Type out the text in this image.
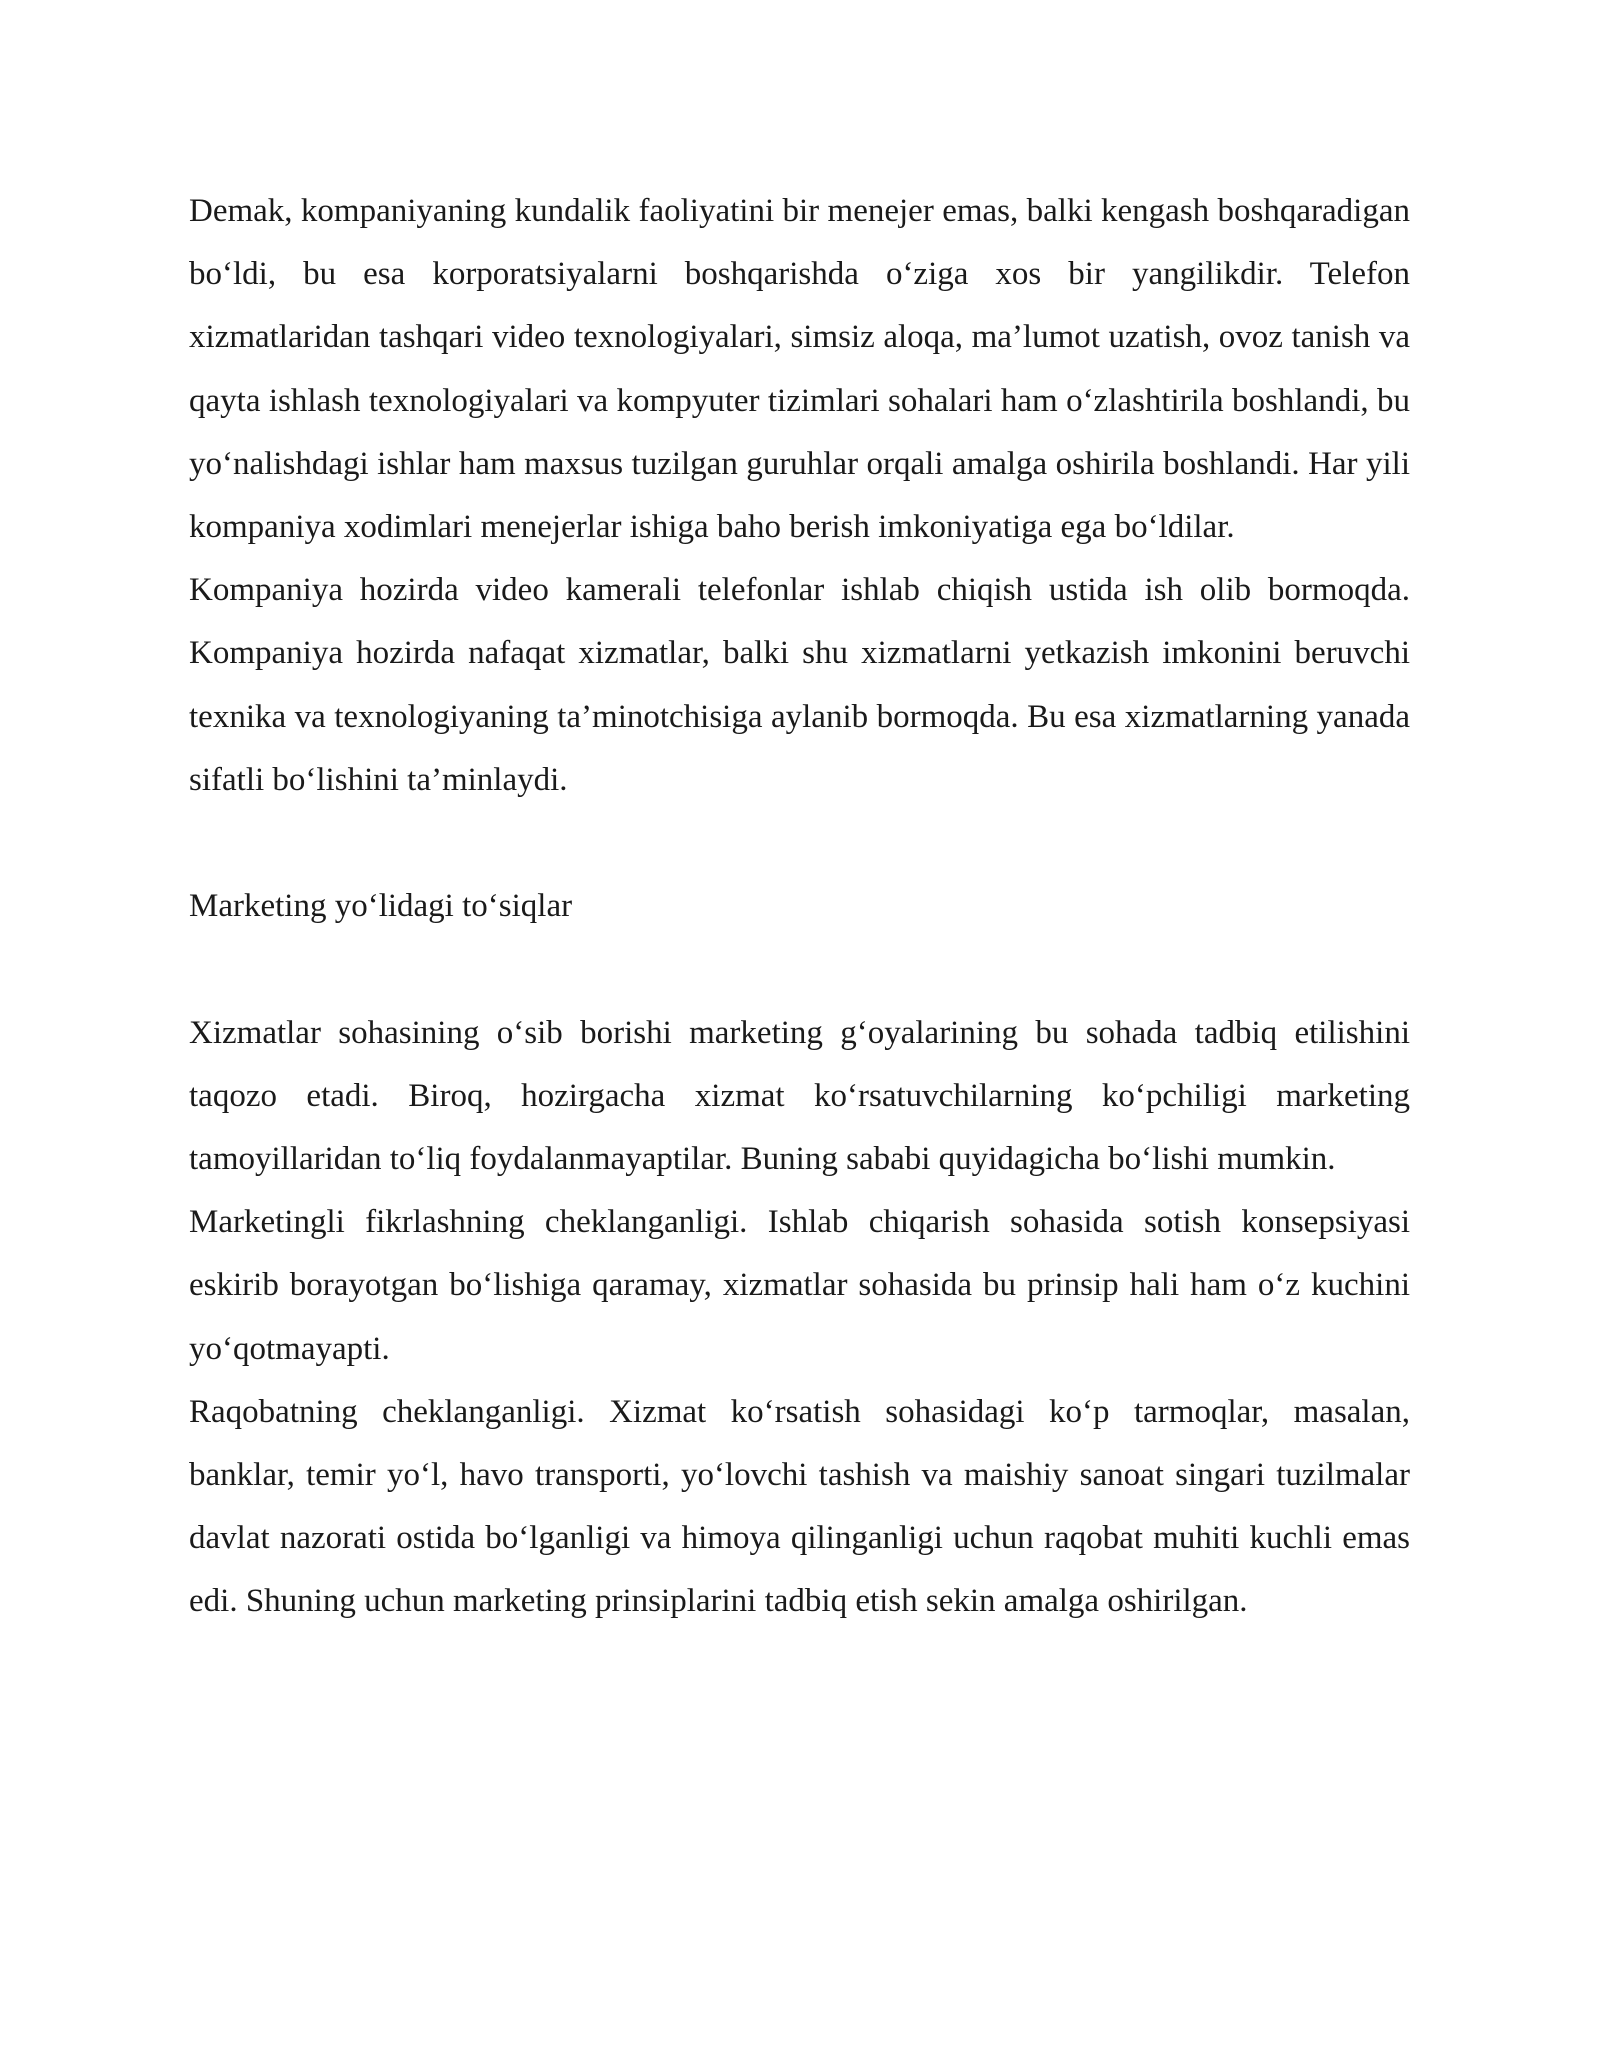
Demak, kompaniyaning kundalik faoliyatini bir menejer emas, balki kengash boshqaradigan bo‘ldi, bu esa korporatsiyalarni boshqarishda o‘ziga xos bir yangilikdir. Telefon xizmatlaridan tashqari video texnologiyalari, simsiz aloqa, ma’lumot uzatish, ovoz tanish va qayta ishlash texnologiyalari va kompyuter tizimlari sohalari ham o‘zlashtirila boshlandi, bu yo‘nalishdagi ishlar ham maxsus tuzilgan guruhlar orqali amalga oshirila boshlandi. Har yili kompaniya xodimlari menejerlar ishiga baho berish imkoniyatiga ega bo‘ldilar.

Kompaniya hozirda video kamerali telefonlar ishlab chiqish ustida ish olib bormoqda. Kompaniya hozirda nafaqat xizmatlar, balki shu xizmatlarni yetkazish imkonini beruvchi texnika va texnologiyaning ta’minotchisiga aylanib bormoqda. Bu esa xizmatlarning yanada sifatli bo‘lishini ta’minlaydi.

Marketing yo‘lidagi to‘siqlar

Xizmatlar sohasining o‘sib borishi marketing g‘oyalarining bu sohada tadbiq etilishini taqozo etadi. Biroq, hozirgacha xizmat ko‘rsatuvchilarning ko‘pchiligi marketing tamoyillaridan to‘liq foydalanmayaptilar. Buning sababi quyidagicha bo‘lishi mumkin.

Marketingli fikrlashning cheklanganligi. Ishlab chiqarish sohasida sotish konsepsiyasi eskirib borayotgan bo‘lishiga qaramay, xizmatlar sohasida bu prinsip hali ham o‘z kuchini yo‘qotmayapti.

Raqobatning cheklanganligi. Xizmat ko‘rsatish sohasidagi ko‘p tarmoqlar, masalan, banklar, temir yo‘l, havo transporti, yo‘lovchi tashish va maishiy sanoat singari tuzilmalar davlat nazorati ostida bo‘lganligi va himoya qilinganligi uchun raqobat muhiti kuchli emas edi. Shuning uchun marketing prinsiplarini tadbiq etish sekin amalga oshirilgan.
